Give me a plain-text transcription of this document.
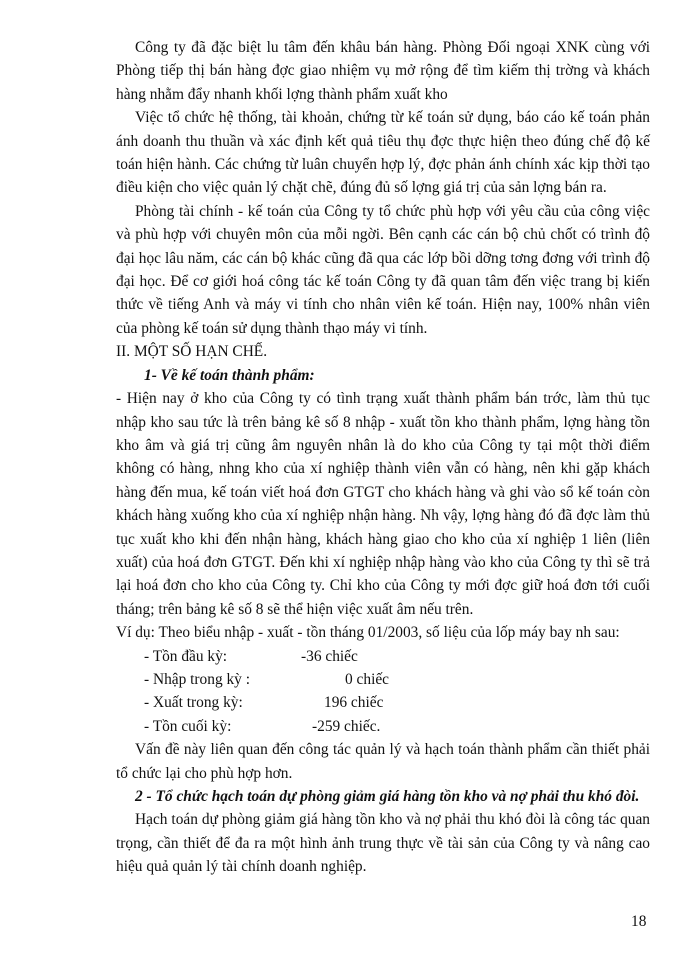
Công ty đã đặc biệt lu tâm đến khâu bán hàng. Phòng Đối ngoại XNK cùng với Phòng tiếp thị bán hàng đợc giao nhiệm vụ mở rộng để tìm kiếm thị trờng và khách hàng nhằm đẩy nhanh khối lợng thành phẩm xuất kho

Việc tổ chức hệ thống, tài khoản, chứng từ kế toán sử dụng, báo cáo kế toán phản ánh doanh thu thuần và xác định kết quả tiêu thụ đợc thực hiện theo đúng chế độ kế toán hiện hành. Các chứng từ luân chuyển hợp lý, đợc phản ánh chính xác kịp thời tạo điều kiện cho việc quản lý chặt chẽ, đúng đủ số lợng giá trị của sản lợng bán ra.

Phòng tài chính - kế toán của Công ty tổ chức phù hợp với yêu cầu của công việc và phù hợp với chuyên môn của mỗi ngời. Bên cạnh các cán bộ chủ chốt có trình độ đại học lâu năm, các cán bộ khác cũng đã qua các lớp bồi dỡng tơng đơng với trình độ đại học. Để cơ giới hoá công tác kế toán Công ty đã quan tâm đến việc trang bị kiến thức về tiếng Anh và máy vi tính cho nhân viên kế toán. Hiện nay, 100% nhân viên của phòng kế toán sử dụng thành thạo máy vi tính.

II. MỘT SỐ HẠN CHẾ.

1- Về kế toán thành phẩm:

- Hiện nay ở kho của Công ty có tình trạng xuất thành phẩm bán trớc, làm thủ tục nhập kho sau tức là trên bảng kê số 8 nhập - xuất tồn kho thành phẩm, lợng hàng tồn kho âm và giá trị cũng âm nguyên nhân là do kho của Công ty tại một thời điểm không có hàng, nhng kho của xí nghiệp thành viên vẫn có hàng, nên khi gặp khách hàng đến mua, kế toán viết hoá đơn GTGT cho khách hàng và ghi vào sổ kế toán còn khách hàng xuống kho của xí nghiệp nhận hàng. Nh vậy, lợng hàng đó đã đợc làm thủ tục xuất kho khi đến nhận hàng, khách hàng giao cho kho của xí nghiệp 1 liên (liên xuất) của hoá đơn GTGT. Đến khi xí nghiệp nhập hàng vào kho của Công ty thì sẽ trả lại hoá đơn cho kho của Công ty. Chỉ kho của Công ty mới đợc giữ hoá đơn tới cuối tháng; trên bảng kê số 8 sẽ thể hiện việc xuất âm nếu trên.

Ví dụ: Theo biểu nhập - xuất - tồn tháng 01/2003, số liệu của lốp máy bay nh sau:

- Tồn đầu kỳ:	-36 chiếc
- Nhập trong kỳ :	0 chiếc
- Xuất trong kỳ:	196 chiếc
- Tồn cuối kỳ:	-259 chiếc.

Vấn đề này liên quan đến công tác quản lý và hạch toán thành phẩm cần thiết phải tổ chức lại cho phù hợp hơn.

2 - Tổ chức hạch toán dự phòng giảm giá hàng tồn kho và nợ phải thu khó đòi.

Hạch toán dự phòng giảm giá hàng tồn kho và nợ phải thu khó đòi là công tác quan trọng, cần thiết để đa ra một hình ảnh trung thực về tài sản của Công ty và nâng cao hiệu quả quản lý tài chính doanh nghiệp.

18
